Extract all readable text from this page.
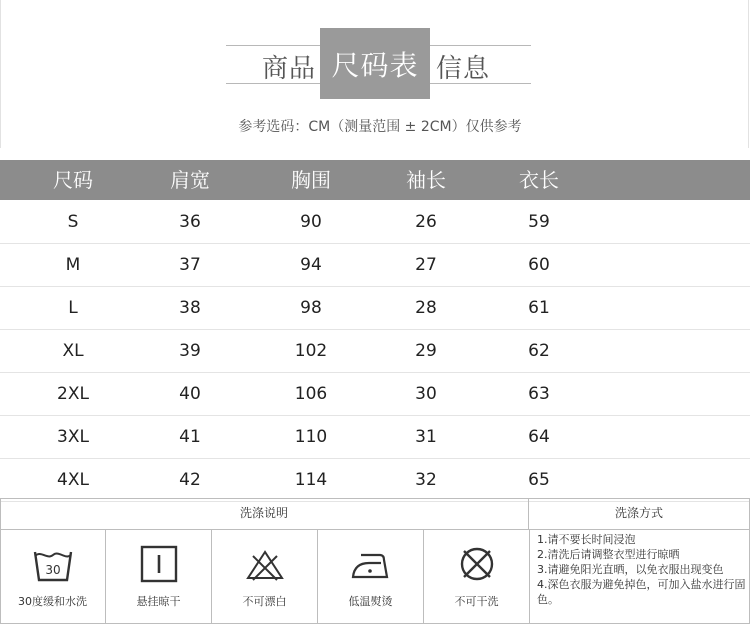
商品 尺码表 信息
参考选码：CM（测量范围 ± 2CM）仅供参考
尺码	肩宽	胸围	袖长	衣长
S	36	90	26	59
M	37	94	27	60
L	38	98	28	61
XL	39	102	29	62
2XL	40	106	30	63
3XL	41	110	31	64
4XL	42	114	32	65
洗涤说明	洗涤方式
30
30度缓和水洗	悬挂晾干	不可漂白	低温熨烫	不可干洗
1.请不要长时间浸泡
2.清洗后请调整衣型进行晾晒
3.请避免阳光直晒，以免衣服出现变色
4.深色衣服为避免掉色，可加入盐水进行固色。
